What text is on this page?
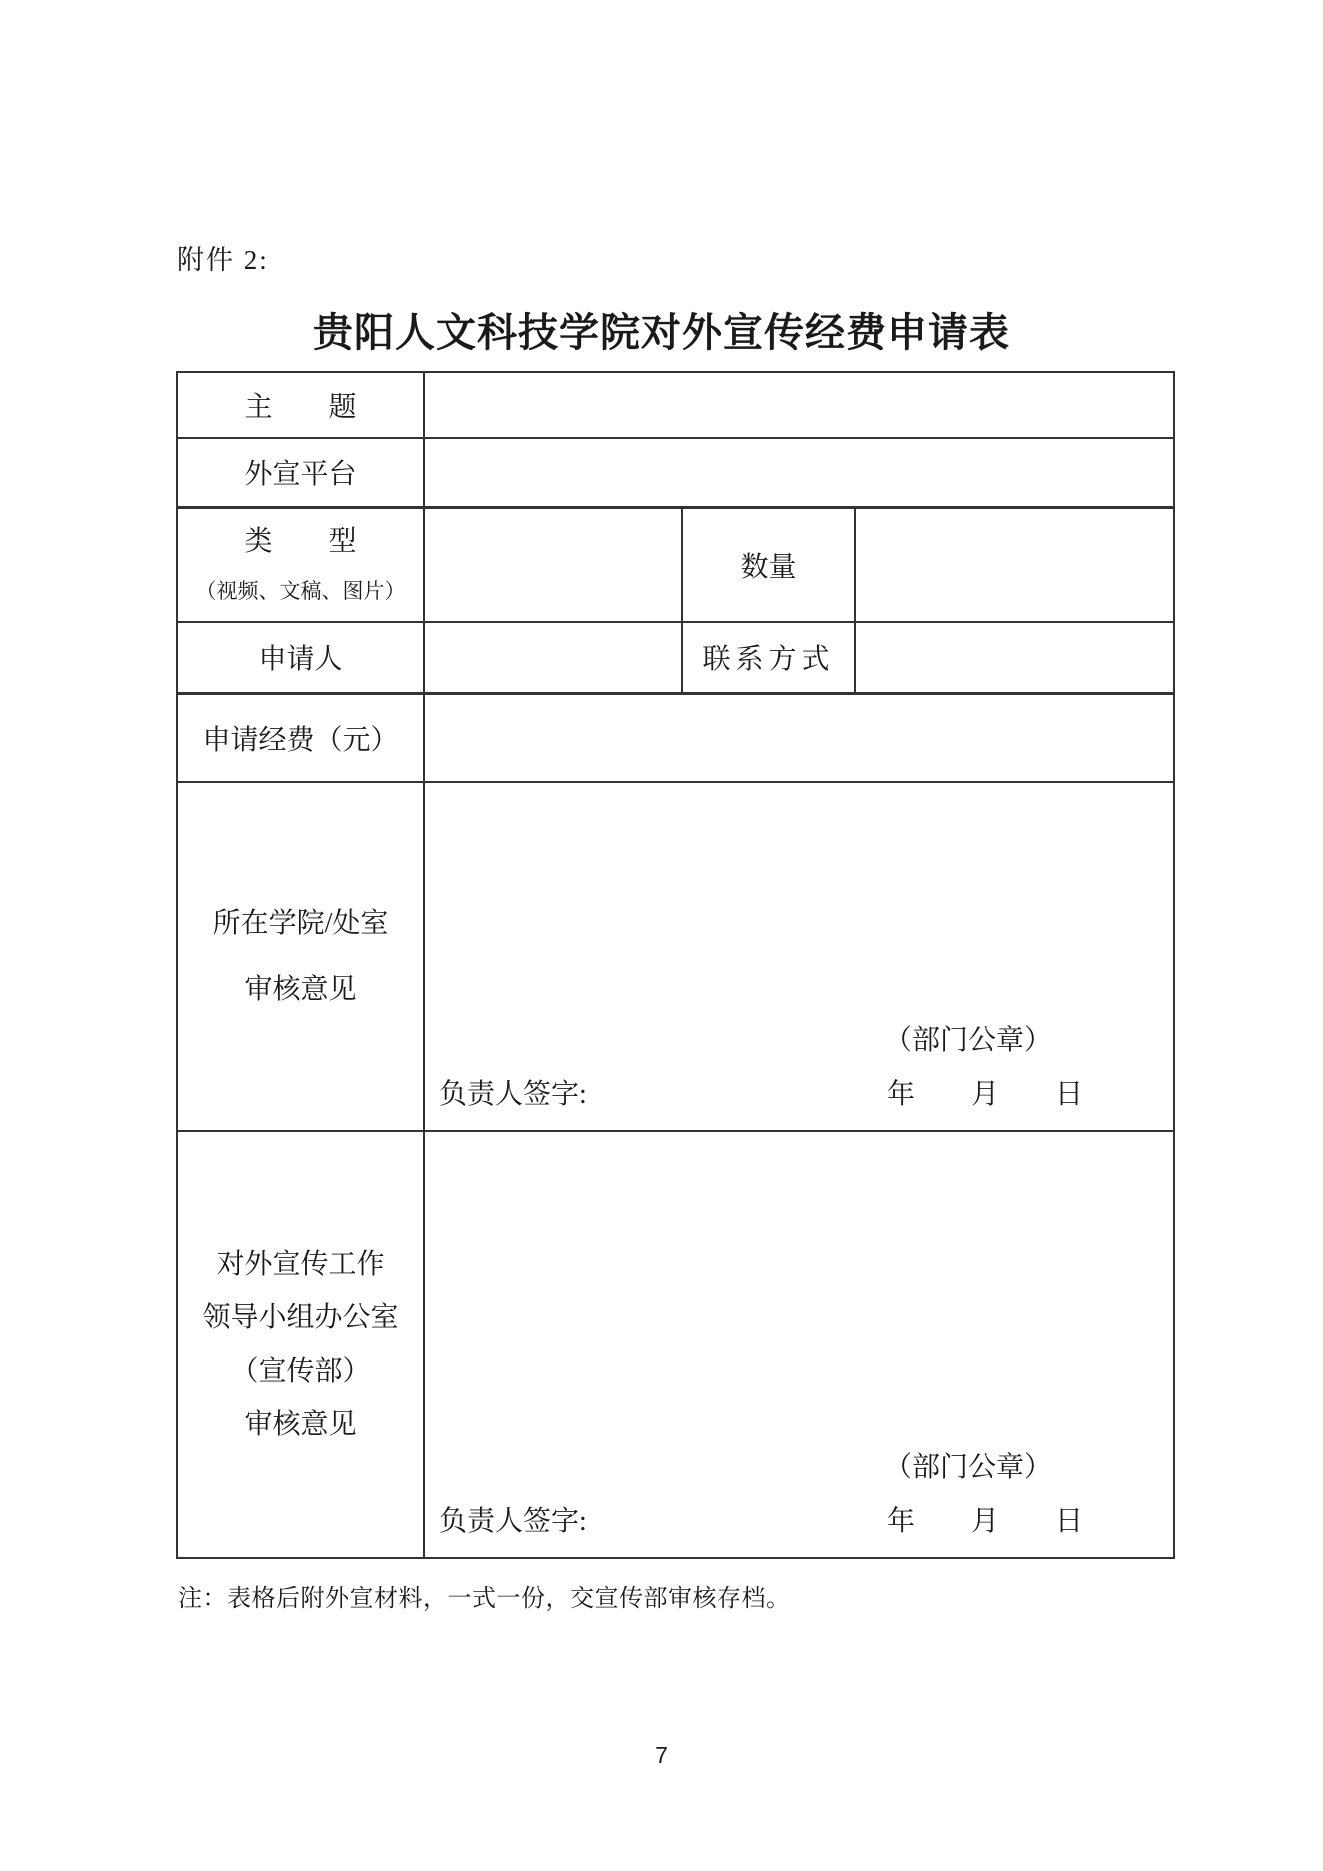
附件 2:
贵阳人文科技学院对外宣传经费申请表
主　　题			
外宣平台			

类　　型
（视频、文稿、图片）		数量	
申请人		联系方式	
申请经费（元）			

所在学院/处室
审核意见

（部门公章）
负责人签字:	年 月 日

对外宣传工作
领导小组办公室
（宣传部）
审核意见

（部门公章）
负责人签字:	年 月 日
注：表格后附外宣材料，一式一份，交宣传部审核存档。
7
